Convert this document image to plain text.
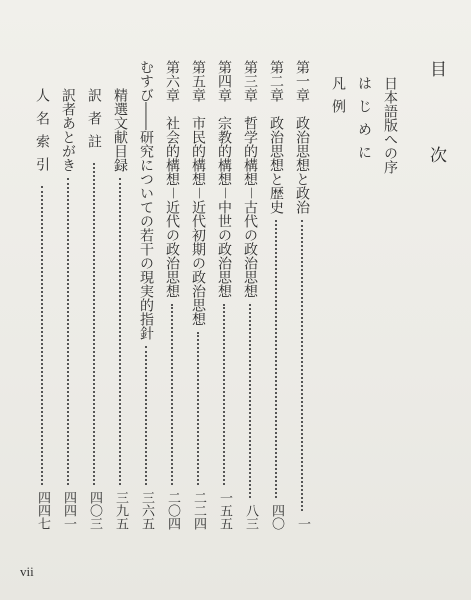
目　次
日本語版への序
はじめに
凡例
第一章　政治思想と政治
一
第二章　政治思想と歴史
四〇
第三章　哲学的構想－古代の政治思想
八三
第四章　宗教的構想－中世の政治思想
一五五
第五章　市民的構想－近代初期の政治思想
二二四
第六章　社会的構想－近代の政治思想
二〇四
むすび――研究についての若干の現実的指針
三六五
精選文献目録
三九五
訳者註
四〇三
訳者あとがき
四四一
人名索引
四四七
vii
